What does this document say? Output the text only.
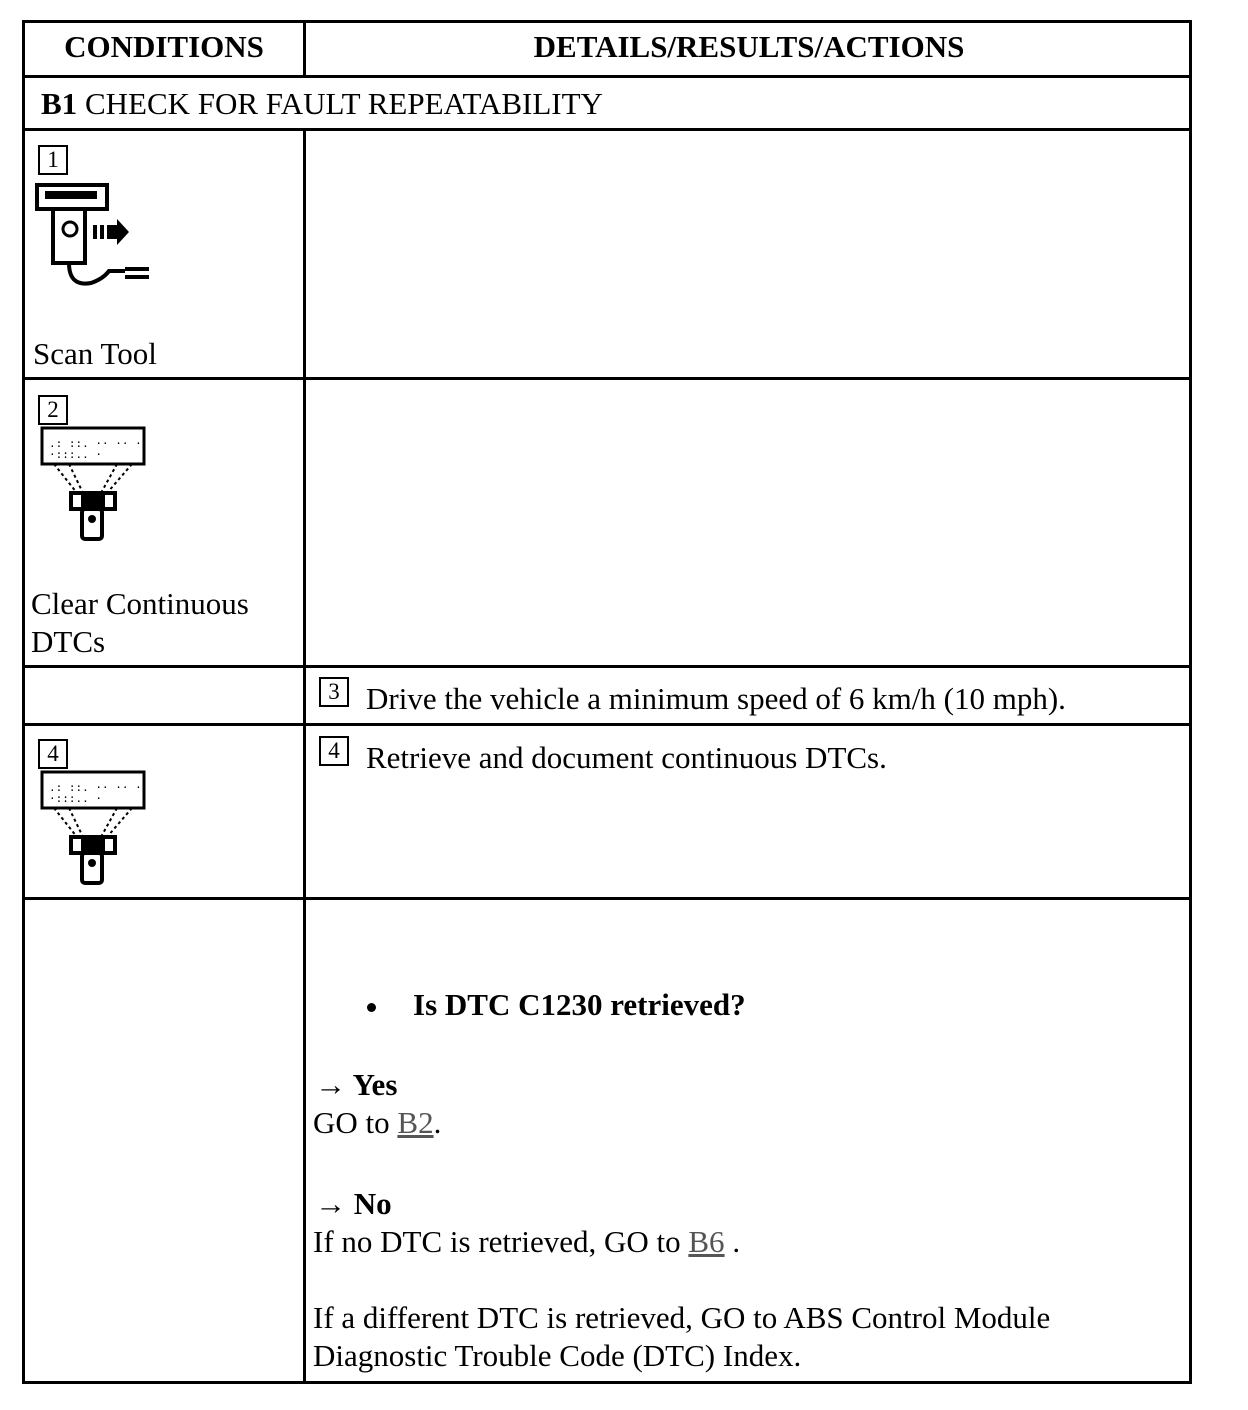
CONDITIONS	DETAILS/RESULTS/ACTIONS
B1 CHECK FOR FAULT REPEATABILITY
1
Scan Tool
2
.: ::. ·· ·· ·
·:::.. ·
Clear Continuous
DTCs
3 Drive the vehicle a minimum speed of 6 km/h (10 mph).
4
.: ::. ·· ·· ·
·:::.. ·
4 Retrieve and document continuous DTCs.
Is DTC C1230 retrieved?
→ Yes
GO to B2.
→ No
If no DTC is retrieved, GO to B6 .
If a different DTC is retrieved, GO to ABS Control Module
Diagnostic Trouble Code (DTC) Index.
